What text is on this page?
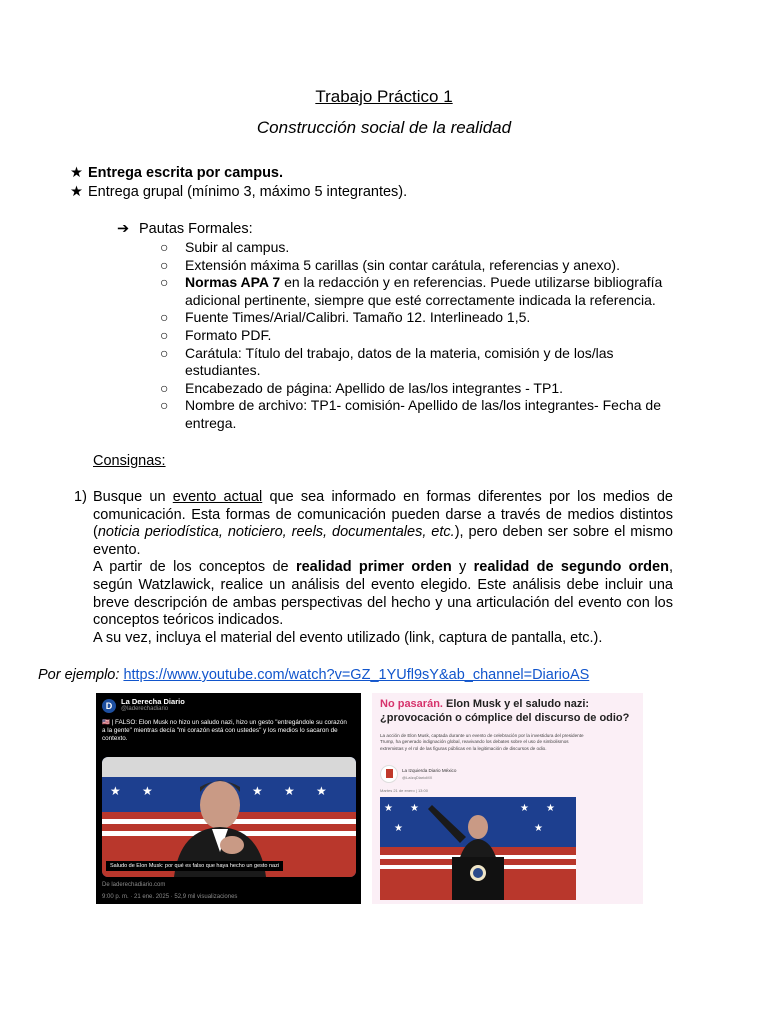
Trabajo Práctico 1
Construcción social de la realidad
★ Entrega escrita por campus.
★ Entrega grupal (mínimo 3, máximo 5 integrantes).
➔ Pautas Formales:
○ Subir al campus.
○ Extensión máxima 5 carillas (sin contar carátula, referencias y anexo).
○ Normas APA 7 en la redacción y en referencias. Puede utilizarse bibliografía adicional pertinente, siempre que esté correctamente indicada la referencia.
○ Fuente Times/Arial/Calibri. Tamaño 12. Interlineado 1,5.
○ Formato PDF.
○ Carátula: Título del trabajo, datos de la materia, comisión y de los/las estudiantes.
○ Encabezado de página: Apellido de las/los integrantes - TP1.
○ Nombre de archivo: TP1- comisión- Apellido de las/los integrantes- Fecha de entrega.
Consignas:
1) Busque un evento actual que sea informado en formas diferentes por los medios de comunicación. Esta formas de comunicación pueden darse a través de medios distintos (noticia periodística, noticiero, reels, documentales, etc.), pero deben ser sobre el mismo evento.
A partir de los conceptos de realidad primer orden y realidad de segundo orden, según Watzlawick, realice un análisis del evento elegido. Este análisis debe incluir una breve descripción de ambas perspectivas del hecho y una articulación del evento con los conceptos teóricos indicados.
A su vez, incluya el material del evento utilizado (link, captura de pantalla, etc.).
Por ejemplo: https://www.youtube.com/watch?v=GZ_1YUfl9sY&ab_channel=DiarioAS
D	La Derecha Diario
@laderechadiario
🇺🇸 | FALSO: Elon Musk no hizo un saludo nazi, hizo un gesto "entregándole su corazón a la gente" mientras decía "mi corazón está con ustedes" y los medios lo sacaron de contexto.
★ ★	★ ★ ★
Saludo de Elon Musk: por qué es falso que haya hecho un gesto nazi
De laderechadiario.com
9:00 p. m. · 21 ene. 2025 · 52,9 mil visualizaciones
No pasarán. Elon Musk y el saludo nazi: ¿provocación o cómplice del discurso de odio?
La acción de Elon Musk, captada durante un evento de celebración por la investidura del presidente Trump, ha generado indignación global, reavivando los debates sobre el uso de simbolismos extremistas y el rol de las figuras públicas en la legitimación de discursos de odio.
La Izquierda Diario México
@LaIzqDiarioMX
Martes 21 de enero | 13:00
★ ★	★ ★
★	★
